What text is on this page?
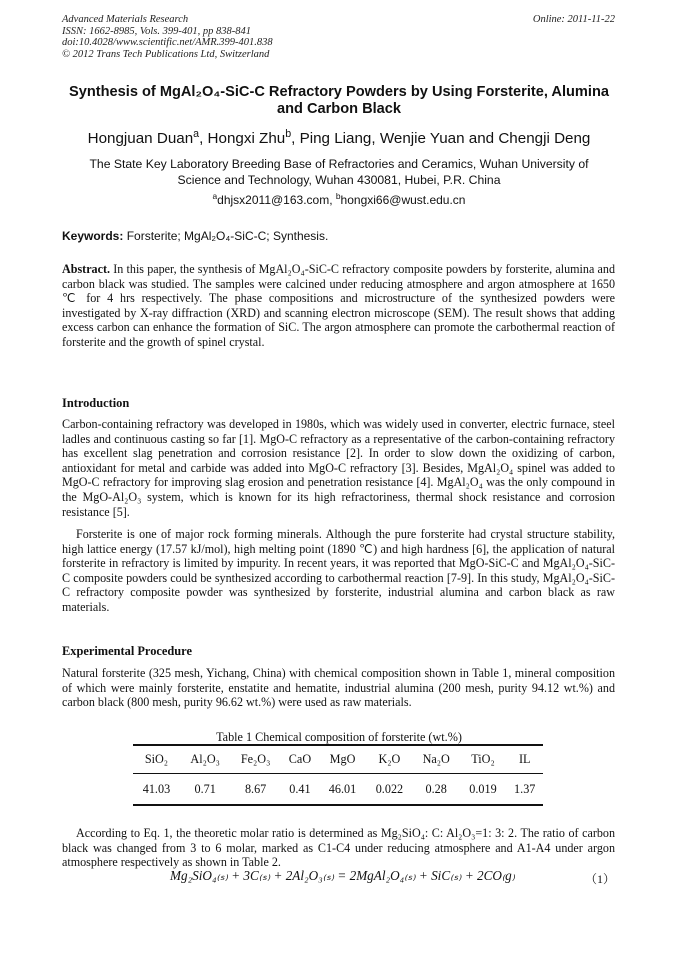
Advanced Materials Research
ISSN: 1662-8985, Vols. 399-401, pp 838-841
doi:10.4028/www.scientific.net/AMR.399-401.838
© 2012 Trans Tech Publications Ltd, Switzerland
Online: 2011-11-22
Synthesis of MgAl₂O₄-SiC-C Refractory Powders by Using Forsterite, Alumina and Carbon Black
Hongjuan Duan$^a$, Hongxi Zhu$^b$, Ping Liang, Wenjie Yuan and Chengji Deng
The State Key Laboratory Breeding Base of Refractories and Ceramics, Wuhan University of Science and Technology, Wuhan 430081, Hubei, P.R. China
$^a$dhjsx2011@163.com, $^b$hongxi66@wust.edu.cn
Keywords: Forsterite; MgAl₂O₄-SiC-C; Synthesis.
Abstract. In this paper, the synthesis of MgAl₂O₄-SiC-C refractory composite powders by forsterite, alumina and carbon black was studied. The samples were calcined under reducing atmosphere and argon atmosphere at 1650 ℃ for 4 hrs respectively. The phase compositions and microstructure of the synthesized powders were investigated by X-ray diffraction (XRD) and scanning electron microscope (SEM). The result shows that adding excess carbon can enhance the formation of SiC. The argon atmosphere can promote the carbothermal reaction of forsterite and the growth of spinel crystal.
Introduction
Carbon-containing refractory was developed in 1980s, which was widely used in converter, electric furnace, steel ladles and continuous casting so far [1]. MgO-C refractory as a representative of the carbon-containing refractory has excellent slag penetration and corrosion resistance [2]. In order to slow down the oxidizing of carbon, antioxidant for metal and carbide was added into MgO-C refractory [3]. Besides, MgAl₂O₄ spinel was added to MgO-C refractory for improving slag erosion and penetration resistance [4]. MgAl₂O₄ was the only compound in the MgO-Al₂O₃ system, which is known for its high refractoriness, thermal shock resistance and corrosion resistance [5].
Forsterite is one of major rock forming minerals. Although the pure forsterite had crystal structure stability, high lattice energy (17.57 kJ/mol), high melting point (1890 ℃) and high hardness [6], the application of natural forsterite in refractory is limited by impurity. In recent years, it was reported that MgO-SiC-C and MgAl₂O₄-SiC-C composite powders could be synthesized according to carbothermal reaction [7-9]. In this study, MgAl₂O₄-SiC-C refractory composite powder was synthesized by forsterite, industrial alumina and carbon black as raw materials.
Experimental Procedure
Natural forsterite (325 mesh, Yichang, China) with chemical composition shown in Table 1, mineral composition of which were mainly forsterite, enstatite and hematite, industrial alumina (200 mesh, purity 94.12 wt.%) and carbon black (800 mesh, purity 96.62 wt.%) were used as raw materials.
Table 1 Chemical composition of forsterite (wt.%)
SiO₂	Al₂O₃	Fe₂O₃	CaO	MgO	K₂O	Na₂O	TiO₂	IL
41.03	0.71	8.67	0.41	46.01	0.022	0.28	0.019	1.37
According to Eq. 1, the theoretic molar ratio is determined as Mg₂SiO₄: C: Al₂O₃=1: 3: 2. The ratio of carbon black was changed from 3 to 6 molar, marked as C1-C4 under reducing atmosphere and A1-A4 under argon atmosphere respectively as shown in Table 2.
Mg₂SiO₄₍ₛ₎ + 3C₍ₛ₎ + 2Al₂O₃₍ₛ₎ = 2MgAl₂O₄₍ₛ₎ + SiC₍ₛ₎ + 2CO₍g₎	（1）
